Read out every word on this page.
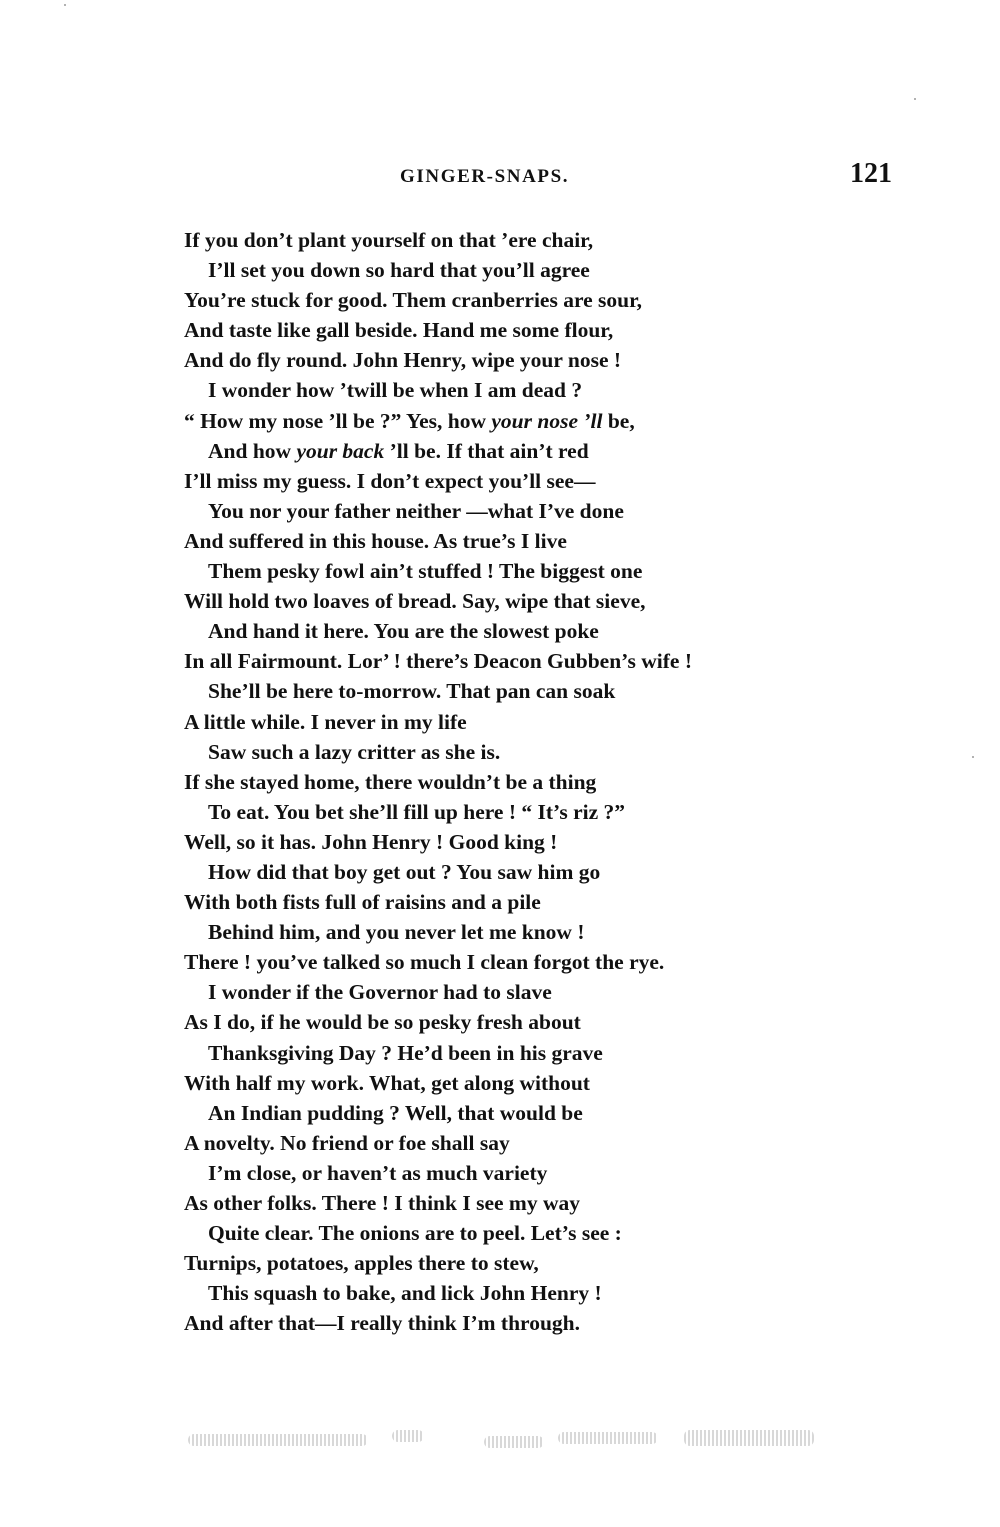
GINGER-SNAPS.	121
If you don’t plant yourself on that ’ere chair,
I’ll set you down so hard that you’ll agree
You’re stuck for good. Them cranberries are sour,
And taste like gall beside. Hand me some flour,
And do fly round. John Henry, wipe your nose !
I wonder how ’twill be when I am dead ?
“ How my nose ’ll be ?” Yes, how your nose ’ll be,
And how your back ’ll be. If that ain’t red
I’ll miss my guess. I don’t expect you’ll see—
You nor your father neither —what I’ve done
And suffered in this house. As true’s I live
Them pesky fowl ain’t stuffed ! The biggest one
Will hold two loaves of bread. Say, wipe that sieve,
And hand it here. You are the slowest poke
In all Fairmount. Lor’ ! there’s Deacon Gubben’s wife !
She’ll be here to-morrow. That pan can soak
A little while. I never in my life
Saw such a lazy critter as she is.
If she stayed home, there wouldn’t be a thing
To eat. You bet she’ll fill up here ! “ It’s riz ?”
Well, so it has. John Henry ! Good king !
How did that boy get out ? You saw him go
With both fists full of raisins and a pile
Behind him, and you never let me know !
There ! you’ve talked so much I clean forgot the rye.
I wonder if the Governor had to slave
As I do, if he would be so pesky fresh about
Thanksgiving Day ? He’d been in his grave
With half my work. What, get along without
An Indian pudding ? Well, that would be
A novelty. No friend or foe shall say
I’m close, or haven’t as much variety
As other folks. There ! I think I see my way
Quite clear. The onions are to peel. Let’s see :
Turnips, potatoes, apples there to stew,
This squash to bake, and lick John Henry !
And after that—I really think I’m through.
